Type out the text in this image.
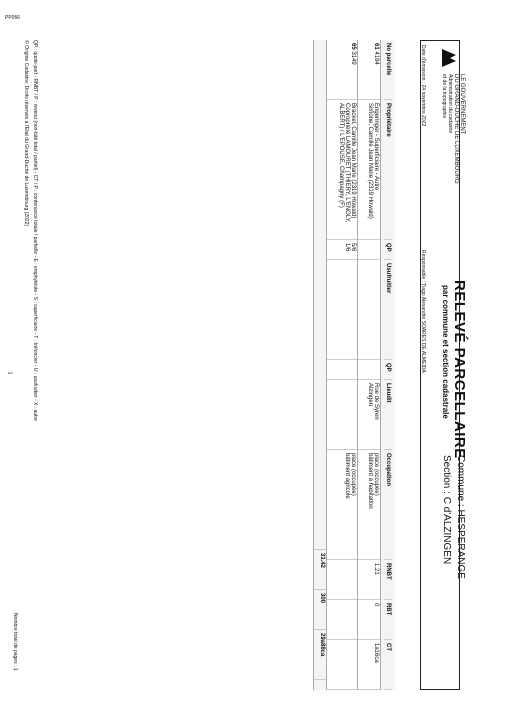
PP066
LE GOUVERNEMENT
DU GRAND-DUCHÉ DE LUXEMBOURG
Administration du cadastre
et de la topographie
RELEVÉ PARCELLAIRE
par commune et section cadastrale
Commune : HESPERANGE
Section : C d'ALZINGEN
Date d'émission : 24 novembre 2022
Responsable : Tiago Alexandre SOARES DE ALMEIDA
No parcelle
Propriétaire
QP
Usufruitier
QP
Lieudit
Occupation
RNBT
RBT
CT
61 4184
Engeringer - Superficiaire - Autre
Simone, Camille Jean Marie (2319 Howald)
Rue de Syren
Alzingen
place (occupée)
bâtiment à habitation
1.21
0
1a16ca
65 3149
Brackel, Camille Jean Marie (2319 Howald)
Copropriété LAMOURET (THIERY, L'ENOLY, ALBERT) / L'EPOUSE, Champagny (F)
5/6
1/6
place (occupée)
bâtiment agricole
31.42
300
29a88ca
QP : quote-part - RNBT / P : revenu (non-bâti total / partiel) - CT / P : contenance totale / partielle - E : emphytéote - S : superficiaire - T : tréfoncier - U : usufruitier - X : autre
© Origine Cadastre: Droits réservés à l'Etat du Grand-Duché de Luxembourg (2022)
1
Nombre total de pages : 1
